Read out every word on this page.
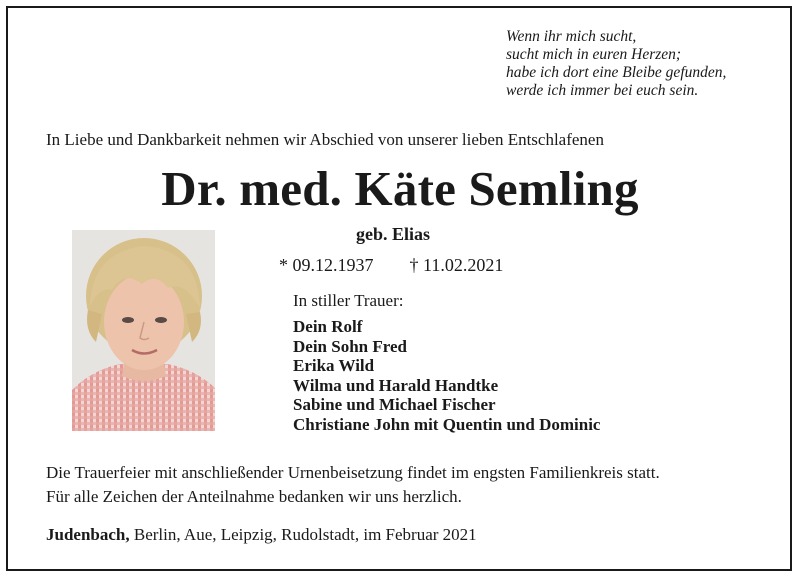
Wenn ihr mich sucht,
sucht mich in euren Herzen;
habe ich dort eine Bleibe gefunden,
werde ich immer bei euch sein.
In Liebe und Dankbarkeit nehmen wir Abschied von unserer lieben Entschlafenen
Dr. med. Käte Semling
geb. Elias
* 09.12.1937 † 11.02.2021
In stiller Trauer:
Dein Rolf
Dein Sohn Fred
Erika Wild
Wilma und Harald Handtke
Sabine und Michael Fischer
Christiane John mit Quentin und Dominic
Die Trauerfeier mit anschließender Urnenbeisetzung findet im engsten Familienkreis statt.
Für alle Zeichen der Anteilnahme bedanken wir uns herzlich.
Judenbach, Berlin, Aue, Leipzig, Rudolstadt, im Februar 2021
